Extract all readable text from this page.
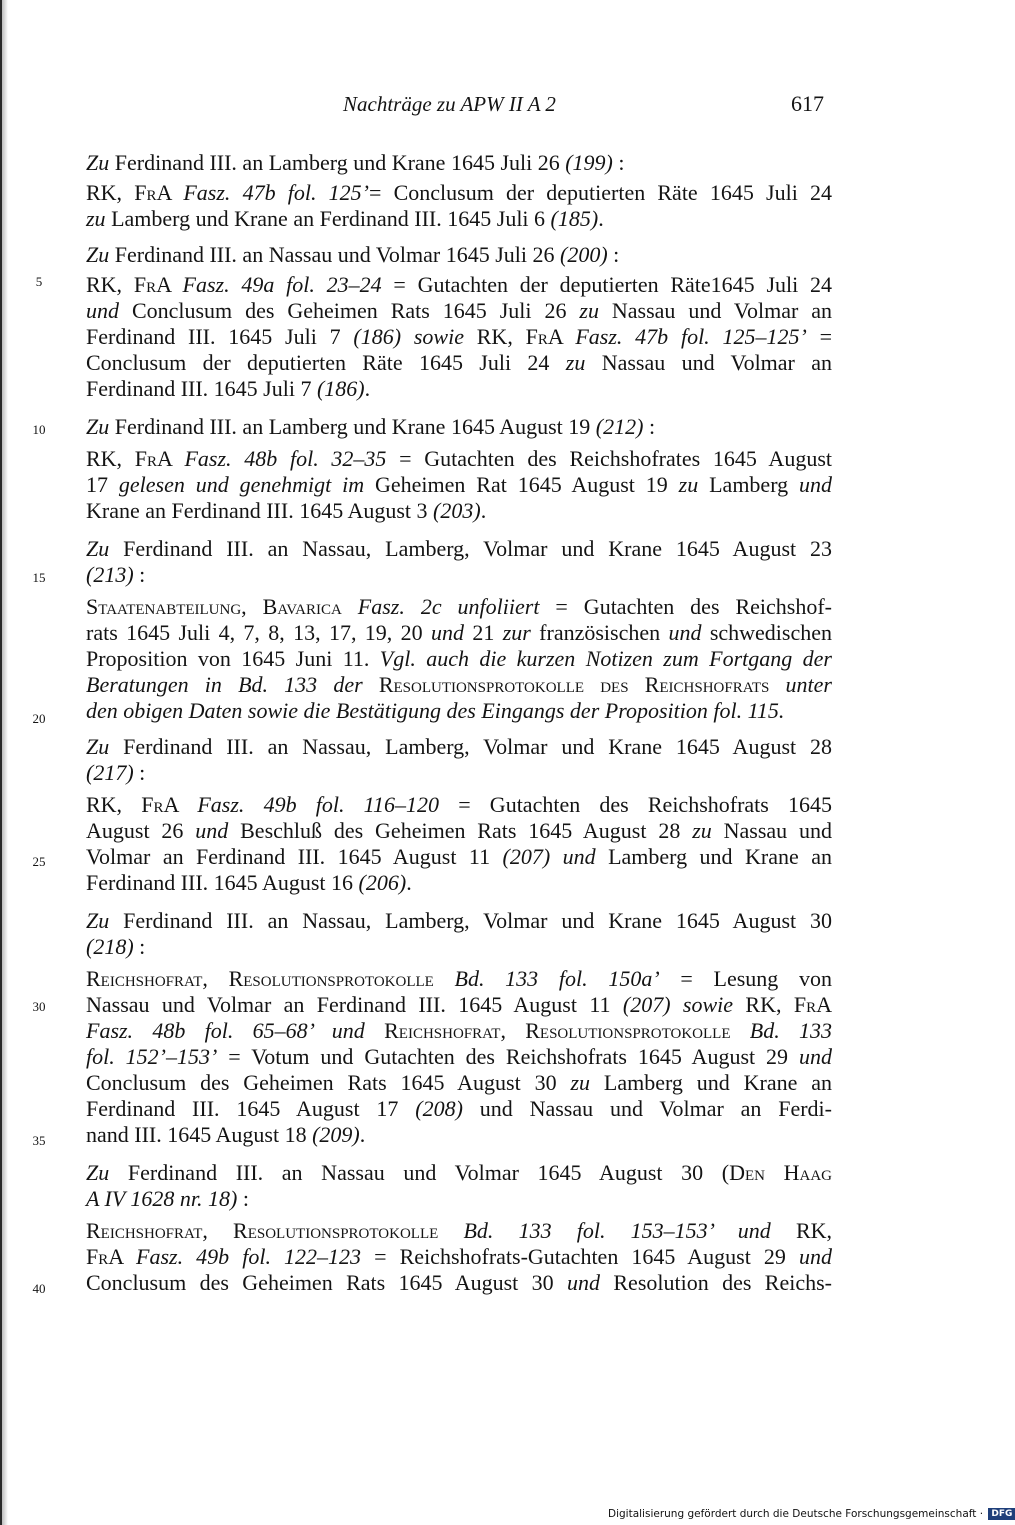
Nachträge zu APW II A 2	617
5
10
15
20
25
30
35
40
Zu Ferdinand III. an Lamberg und Krane 1645 Juli 26 (199) :
RK, FrA Fasz. 47b fol. 125’= Conclusum der deputierten Räte 1645 Juli 24
zu Lamberg und Krane an Ferdinand III. 1645 Juli 6 (185).
Zu Ferdinand III. an Nassau und Volmar 1645 Juli 26 (200) :
RK, FrA Fasz. 49a fol. 23–24 = Gutachten der deputierten Räte1645 Juli 24
und Conclusum des Geheimen Rats 1645 Juli 26 zu Nassau und Volmar an
Ferdinand III. 1645 Juli 7 (186) sowie RK, FrA Fasz. 47b fol. 125–125’ =
Conclusum der deputierten Räte 1645 Juli 24 zu Nassau und Volmar an
Ferdinand III. 1645 Juli 7 (186).
Zu Ferdinand III. an Lamberg und Krane 1645 August 19 (212) :
RK, FrA Fasz. 48b fol. 32–35 = Gutachten des Reichshofrates 1645 August
17 gelesen und genehmigt im Geheimen Rat 1645 August 19 zu Lamberg und
Krane an Ferdinand III. 1645 August 3 (203).
Zu Ferdinand III. an Nassau, Lamberg, Volmar und Krane 1645 August 23
(213) :
Staatenabteilung, Bavarica Fasz. 2c unfoliiert = Gutachten des Reichshof-
rats 1645 Juli 4, 7, 8, 13, 17, 19, 20 und 21 zur französischen und schwedischen
Proposition von 1645 Juni 11. Vgl. auch die kurzen Notizen zum Fortgang der
Beratungen in Bd. 133 der Resolutionsprotokolle des Reichshofrats unter
den obigen Daten sowie die Bestätigung des Eingangs der Proposition fol. 115.
Zu Ferdinand III. an Nassau, Lamberg, Volmar und Krane 1645 August 28
(217) :
RK, FrA Fasz. 49b fol. 116–120 = Gutachten des Reichshofrats 1645
August 26 und Beschluß des Geheimen Rats 1645 August 28 zu Nassau und
Volmar an Ferdinand III. 1645 August 11 (207) und Lamberg und Krane an
Ferdinand III. 1645 August 16 (206).
Zu Ferdinand III. an Nassau, Lamberg, Volmar und Krane 1645 August 30
(218) :
Reichshofrat, Resolutionsprotokolle Bd. 133 fol. 150a’ = Lesung von
Nassau und Volmar an Ferdinand III. 1645 August 11 (207) sowie RK, FrA
Fasz. 48b fol. 65–68’ und Reichshofrat, Resolutionsprotokolle Bd. 133
fol. 152’–153’ = Votum und Gutachten des Reichshofrats 1645 August 29 und
Conclusum des Geheimen Rats 1645 August 30 zu Lamberg und Krane an
Ferdinand III. 1645 August 17 (208) und Nassau und Volmar an Ferdi-
nand III. 1645 August 18 (209).
Zu Ferdinand III. an Nassau und Volmar 1645 August 30 (Den Haag
A IV 1628 nr. 18) :
Reichshofrat, Resolutionsprotokolle Bd. 133 fol. 153–153’ und RK,
FrA Fasz. 49b fol. 122–123 = Reichshofrats-Gutachten 1645 August 29 und
Conclusum des Geheimen Rats 1645 August 30 und Resolution des Reichs-
Digitalisierung gefördert durch die Deutsche Forschungsgemeinschaft · DFG
